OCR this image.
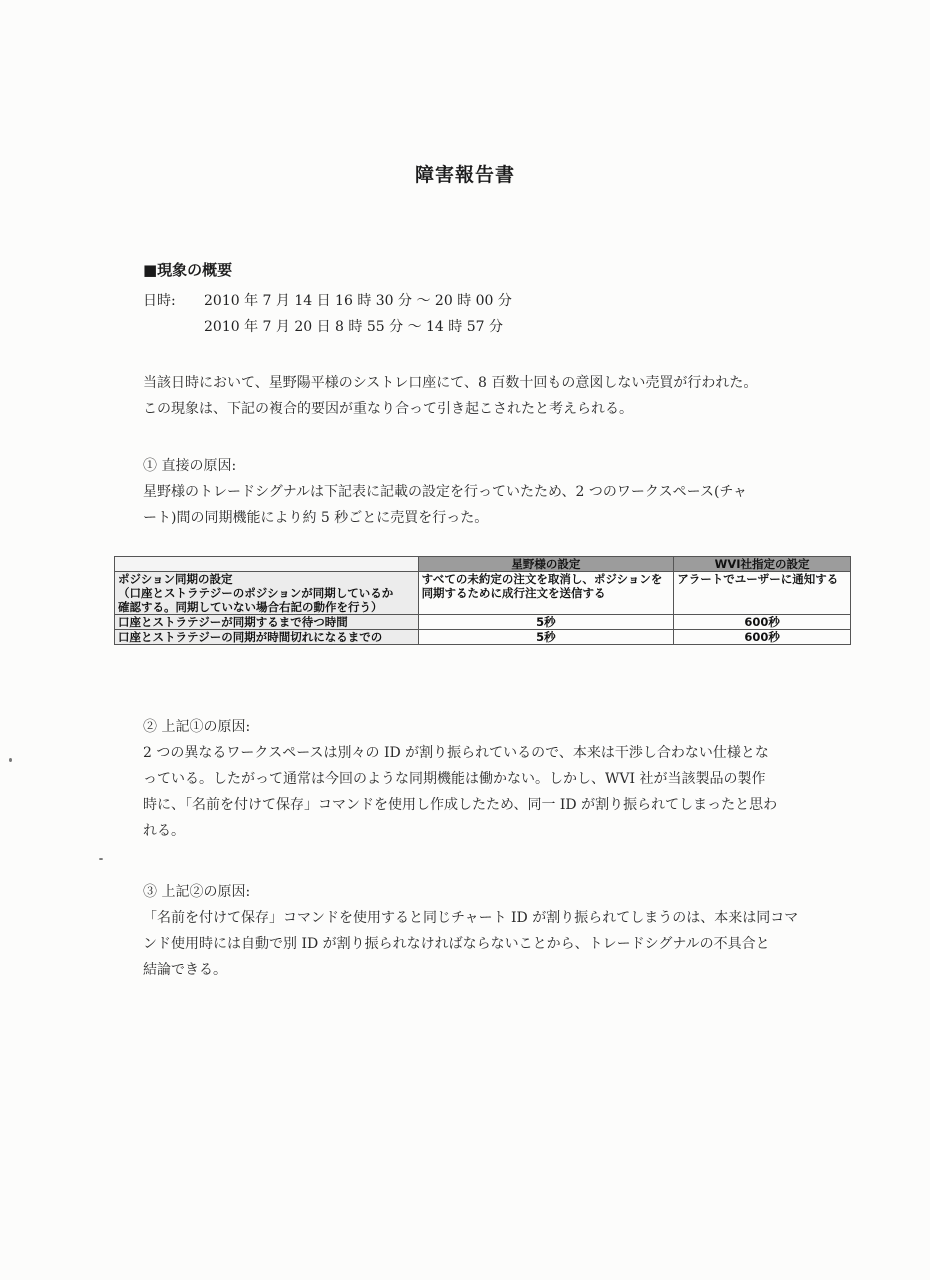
障害報告書
■現象の概要
日時: 2010 年 7 月 14 日 16 時 30 分 ～ 20 時 00 分
2010 年 7 月 20 日 8 時 55 分 ～ 14 時 57 分
当該日時において、星野陽平様のシストレ口座にて、8 百数十回もの意図しない売買が行われた。
この現象は、下記の複合的要因が重なり合って引き起こされたと考えられる。
① 直接の原因:
星野様のトレードシグナルは下記表に記載の設定を行っていたため、2 つのワークスペース(チャ
ート)間の同期機能により約 5 秒ごとに売買を行った。
	星野様の設定	WVI社指定の設定

ポジション同期の設定
（口座とストラテジーのポジションが同期しているか
確認する。同期していない場合右記の動作を行う）	すべての未約定の注文を取消し、ポジションを同期するために成行注文を送信する	アラートでユーザーに通知する
口座とストラテジーが同期するまで待つ時間	5秒	600秒
口座とストラテジーの同期が時間切れになるまでの	5秒	600秒
② 上記①の原因:
2 つの異なるワークスペースは別々の ID が割り振られているので、本来は干渉し合わない仕様とな
っている。したがって通常は今回のような同期機能は働かない。しかし、WVI 社が当該製品の製作
時に、「名前を付けて保存」コマンドを使用し作成したため、同一 ID が割り振られてしまったと思わ
れる。
③ 上記②の原因:
「名前を付けて保存」コマンドを使用すると同じチャート ID が割り振られてしまうのは、本来は同コマ
ンド使用時には自動で別 ID が割り振られなければならないことから、トレードシグナルの不具合と
結論できる。
